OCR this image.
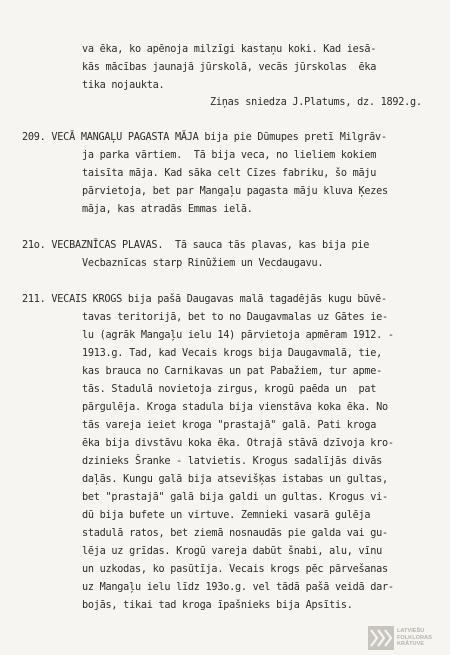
va ēka, ko apēnoja milzīgi kastaņu koki. Kad iesā-
kās mācības jaunajā jūrskolā, vecās jūrskolas  ēka
tika nojaukta.
Ziņas sniedza J.Platums, dz. 1892.g.
209. VECĀ MANGAĻU PAGASTA MĀJA bija pie Dūmupes pretī Milgrāv-
ja parka vārtiem.  Tā bija veca, no lieliem kokiem
taisīta māja. Kad sāka celt Cīzes fabriku, šo māju
pārvietoja, bet par Mangaļu pagasta māju kluva Ķezes
māja, kas atradās Emmas ielā.
21o. VECBAZNĪCAS PLAVAS.  Tā sauca tās plavas, kas bija pie
Vecbaznīcas starp Rinūžiem un Vecdaugavu.
211. VECAIS KROGS bija pašā Daugavas malā tagadējās kugu būvē-
tavas teritorijā, bet to no Daugavmalas uz Gātes ie-
lu (agrāk Mangaļu ielu 14) pārvietoja apmēram 1912. -
1913.g. Tad, kad Vecais krogs bija Daugavmalā, tie,
kas brauca no Carnikavas un pat Pabažiem, tur apme-
tās. Stadulā novietoja zirgus, krogū paēda un  pat
pārgulēja. Kroga stadula bija vienstāva koka ēka. No
tās vareja ieiet kroga "prastajā" galā. Pati kroga
ēka bija divstāvu koka ēka. Otrajā stāvā dzīvoja kro-
dzinieks Šranke - latvietis. Krogus sadalījās divās
daļās. Kungu galā bija atsevišķas istabas un gultas,
bet "prastajā" galā bija galdi un gultas. Krogus vi-
dū bija bufete un virtuve. Zemnieki vasarā gulēja
stadulā ratos, bet ziemā nosnaudās pie galda vai gu-
lēja uz grīdas. Krogū vareja dabūt šnabi, alu, vīnu
un uzkodas, ko pasūtīja. Vecais krogs pēc pārvešanas
uz Mangaļu ielu līdz 193o.g. vel tādā pašā veidā dar-
bojās, tikai tad kroga īpašnieks bija Apsītis.
LATVIEŠU
FOLKLORAS
KRĀTUVE
